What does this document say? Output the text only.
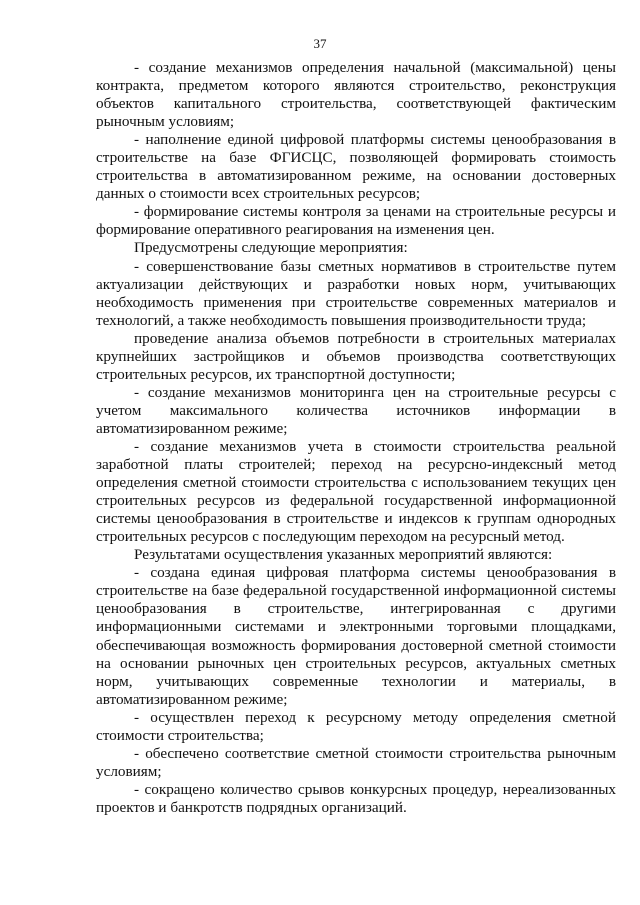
37

- создание механизмов определения начальной (максимальной) цены контракта, предметом которого являются строительство, реконструкция объектов капитального строительства, соответствующей фактическим рыночным условиям;

- наполнение единой цифровой платформы системы ценообразования в строительстве на базе ФГИСЦС, позволяющей формировать стоимость строительства в автоматизированном режиме, на основании достоверных данных о стоимости всех строительных ресурсов;

- формирование системы контроля за ценами на строительные ресурсы и формирование оперативного реагирования на изменения цен.

Предусмотрены следующие мероприятия:

- совершенствование базы сметных нормативов в строительстве путем актуализации действующих и разработки новых норм, учитывающих необходимость применения при строительстве современных материалов и технологий, а также необходимость повышения производительности труда;

проведение анализа объемов потребности в строительных материалах крупнейших застройщиков и объемов производства соответствующих строительных ресурсов, их транспортной доступности;

- создание механизмов мониторинга цен на строительные ресурсы с учетом максимального количества источников информации в автоматизированном режиме;

- создание механизмов учета в стоимости строительства реальной заработной платы строителей; переход на ресурсно-индексный метод определения сметной стоимости строительства с использованием текущих цен строительных ресурсов из федеральной государственной информационной системы ценообразования в строительстве и индексов к группам однородных строительных ресурсов с последующим переходом на ресурсный метод.

Результатами осуществления указанных мероприятий являются:

- создана единая цифровая платформа системы ценообразования в строительстве на базе федеральной государственной информационной системы ценообразования в строительстве, интегрированная с другими информационными системами и электронными торговыми площадками, обеспечивающая возможность формирования достоверной сметной стоимости на основании рыночных цен строительных ресурсов, актуальных сметных норм, учитывающих современные технологии и материалы, в автоматизированном режиме;

- осуществлен переход к ресурсному методу определения сметной стоимости строительства;

- обеспечено соответствие сметной стоимости строительства рыночным условиям;

- сокращено количество срывов конкурсных процедур, нереализованных проектов и банкротств подрядных организаций.
